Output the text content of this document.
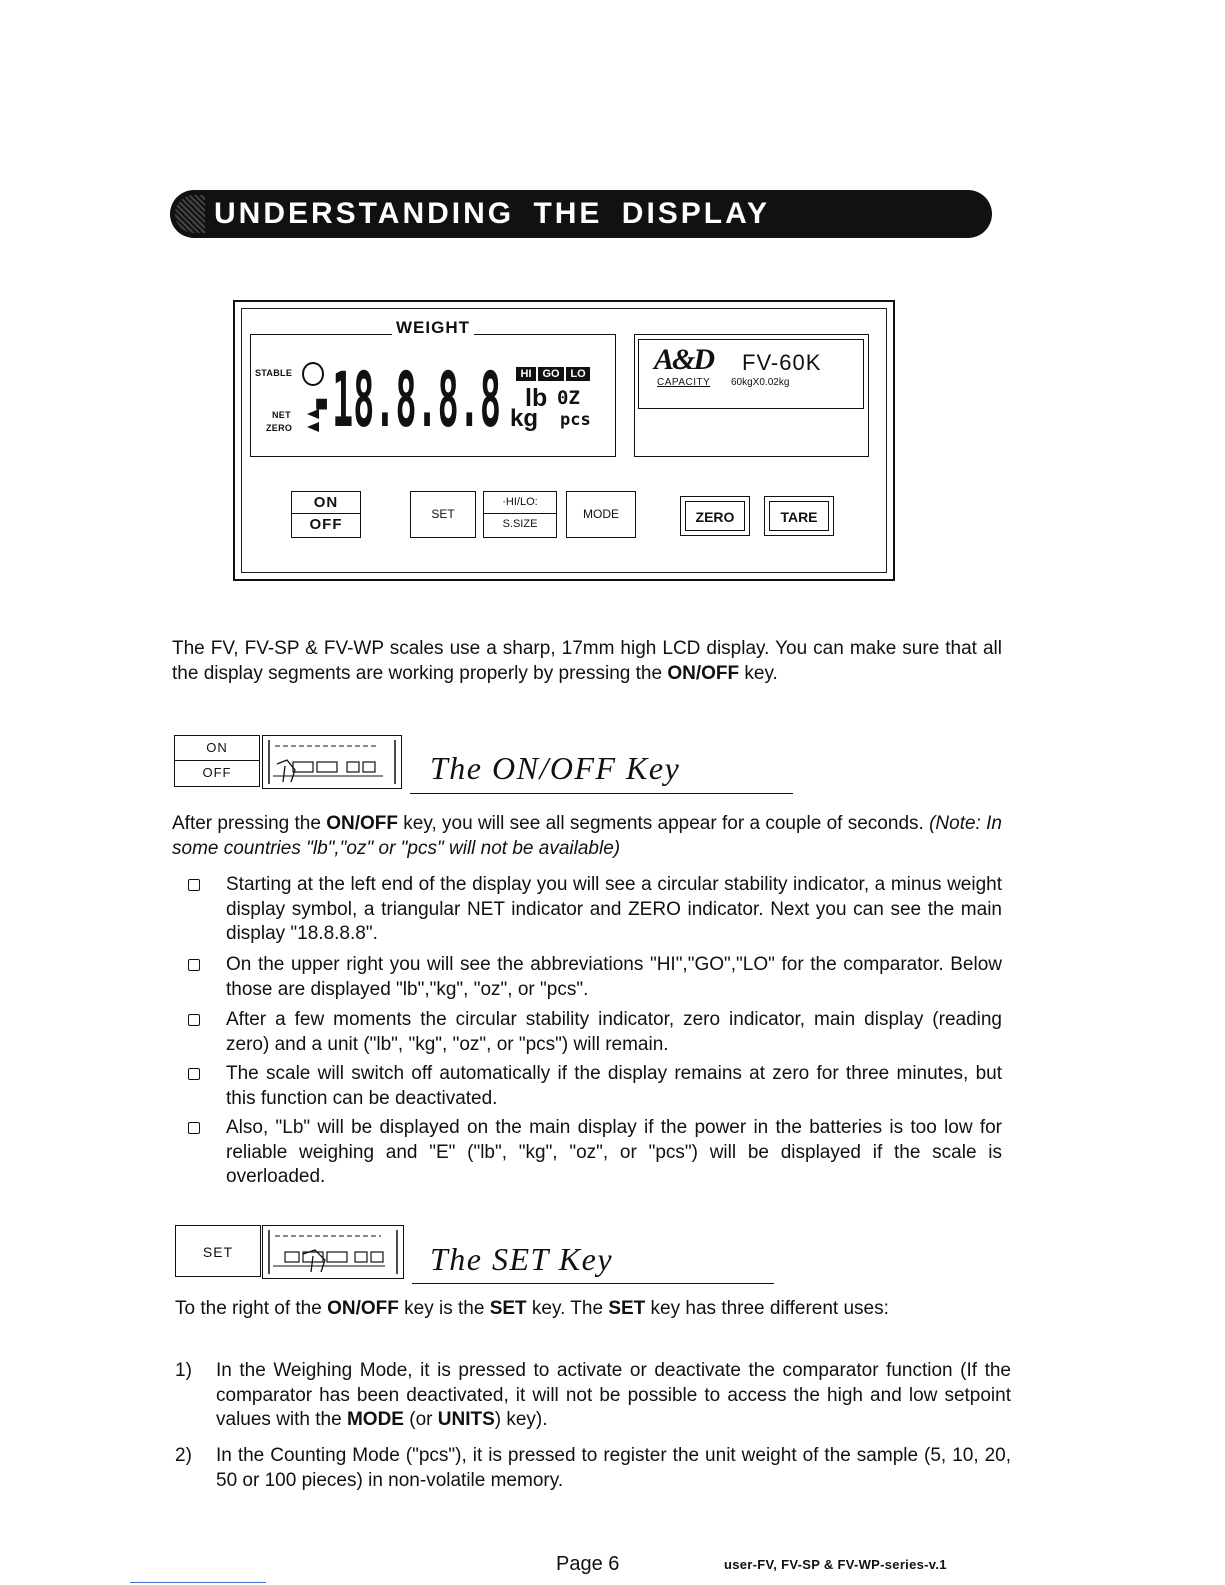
UNDERSTANDING THE DISPLAY
WEIGHT
STABLE
NET
ZERO -18.8.8.8	HI GO LO
lb 0Z
kg pcs
A&D FV-60K
CAPACITY 60kgX0.02kg
ON
OFF
SET
·HI/LO:
S.SIZE
MODE	ZERO	TARE
The FV, FV-SP & FV-WP scales use a sharp, 17mm high LCD display. You can make sure that all the display segments are working properly by pressing the ON/OFF key.
ON
OFF	The ON/OFF Key
After pressing the ON/OFF key, you will see all segments appear for a couple of seconds. (Note: In some countries "lb","oz" or "pcs" will not be available)
Starting at the left end of the display you will see a circular stability indicator, a minus weight display symbol, a triangular NET indicator and ZERO indicator. Next you can see the main display "18.8.8.8".
On the upper right you will see the abbreviations "HI","GO","LO" for the comparator. Below those are displayed "lb","kg", "oz", or "pcs".
After a few moments the circular stability indicator, zero indicator, main display (reading zero) and a unit ("lb", "kg", "oz", or "pcs") will remain.
The scale will switch off automatically if the display remains at zero for three minutes, but this function can be deactivated.
Also, "Lb" will be displayed on the main display if the power in the batteries is too low for reliable weighing and "E" ("lb", "kg", "oz", or "pcs") will be displayed if the scale is overloaded.
SET	The SET Key
To the right of the ON/OFF key is the SET key. The SET key has three different uses:
1) In the Weighing Mode, it is pressed to activate or deactivate the comparator function (If the comparator has been deactivated, it will not be possible to access the high and low setpoint values with the MODE (or UNITS) key).
2) In the Counting Mode ("pcs"), it is pressed to register the unit weight of the sample (5, 10, 20, 50 or 100 pieces) in non-volatile memory.
Page 6	user-FV, FV-SP & FV-WP-series-v.1
